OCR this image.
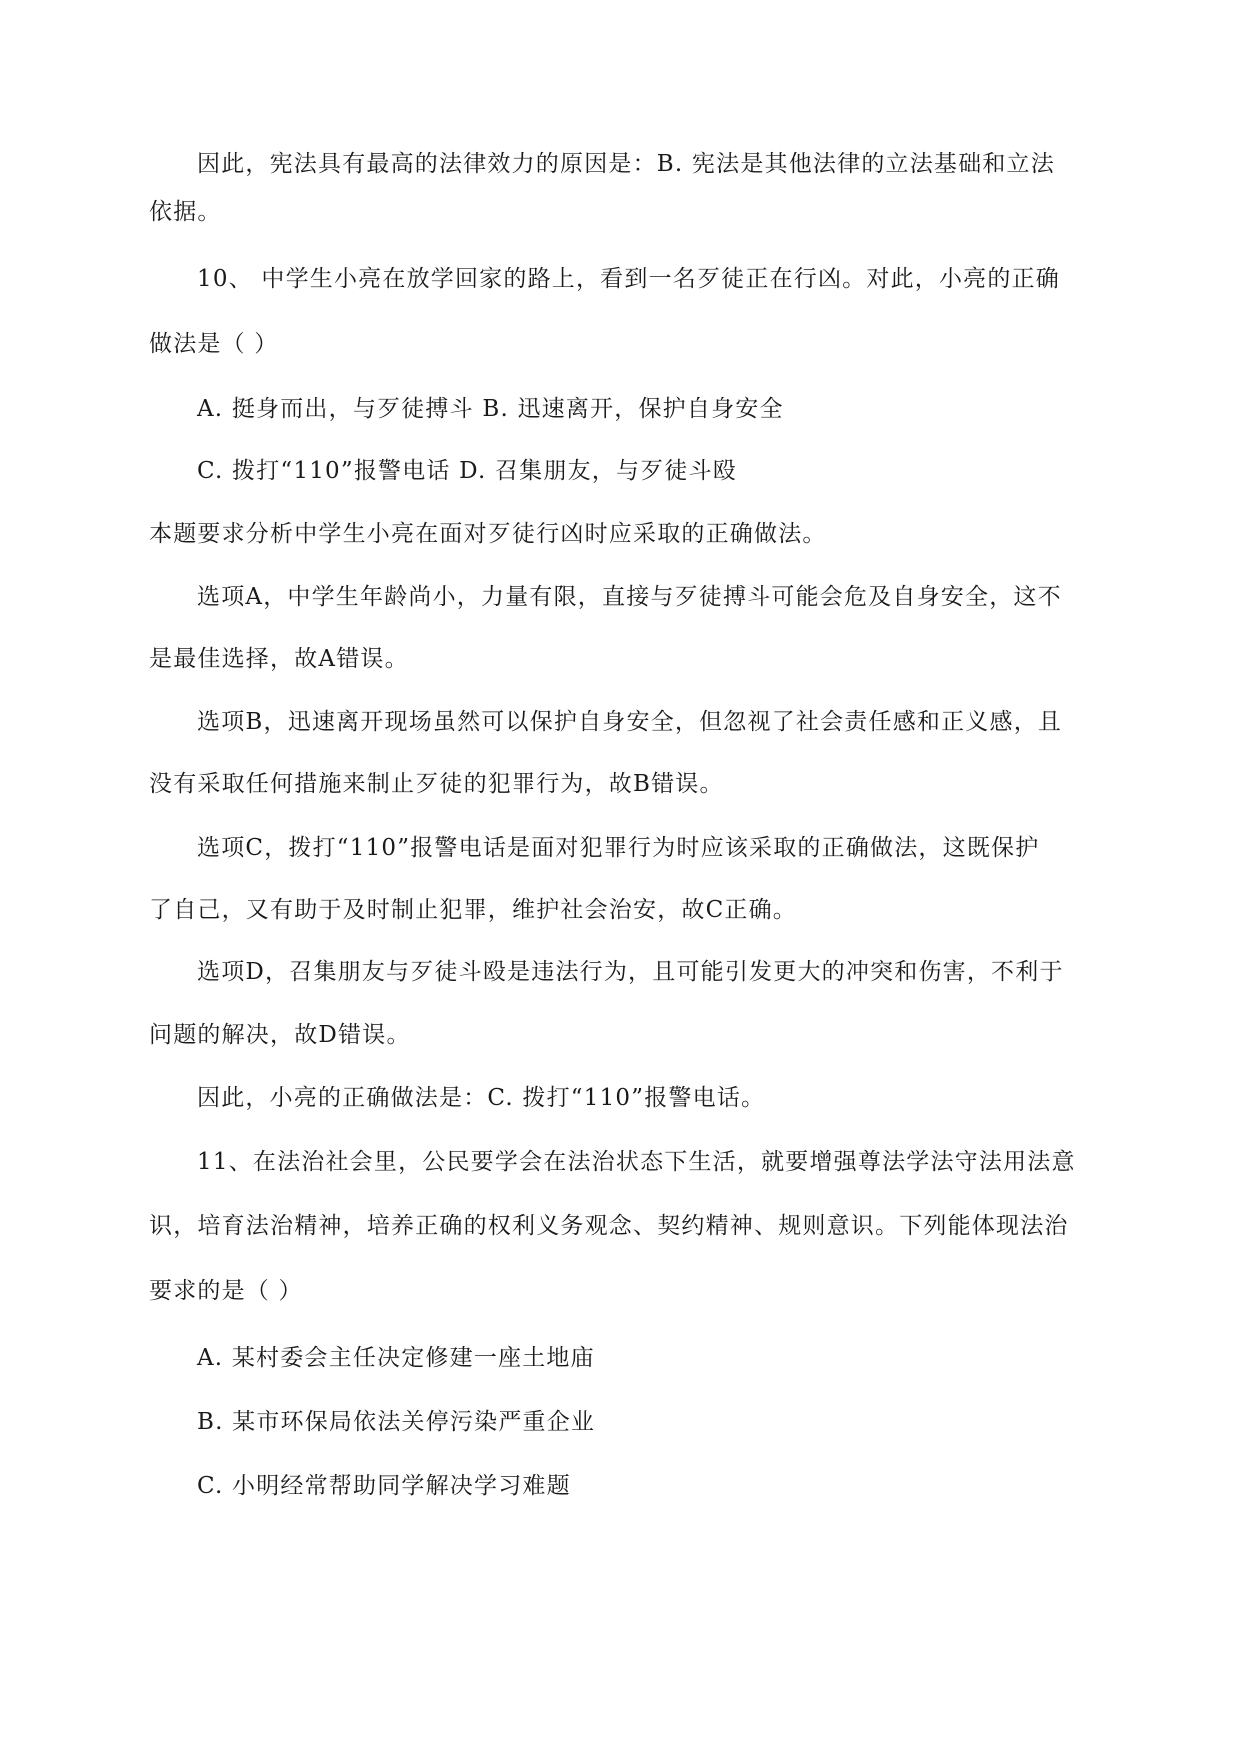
因此，宪法具有最高的法律效力的原因是：B. 宪法是其他法律的立法基础和立法

依据。

10、 中学生小亮在放学回家的路上，看到一名歹徒正在行凶。对此，小亮的正确

做法是（ ）

A. 挺身而出，与歹徒搏斗 B. 迅速离开，保护自身安全

C. 拨打“110”报警电话 D. 召集朋友，与歹徒斗殴

本题要求分析中学生小亮在面对歹徒行凶时应采取的正确做法。

选项A，中学生年龄尚小，力量有限，直接与歹徒搏斗可能会危及自身安全，这不

是最佳选择，故A错误。

选项B，迅速离开现场虽然可以保护自身安全，但忽视了社会责任感和正义感，且

没有采取任何措施来制止歹徒的犯罪行为，故B错误。

选项C，拨打“110”报警电话是面对犯罪行为时应该采取的正确做法，这既保护

了自己，又有助于及时制止犯罪，维护社会治安，故C正确。

选项D，召集朋友与歹徒斗殴是违法行为，且可能引发更大的冲突和伤害，不利于

问题的解决，故D错误。

因此，小亮的正确做法是：C. 拨打“110”报警电话。

11、在法治社会里，公民要学会在法治状态下生活，就要增强尊法学法守法用法意

识，培育法治精神，培养正确的权利义务观念、契约精神、规则意识。下列能体现法治

要求的是（ ）

A. 某村委会主任决定修建一座土地庙

B. 某市环保局依法关停污染严重企业

C. 小明经常帮助同学解决学习难题
